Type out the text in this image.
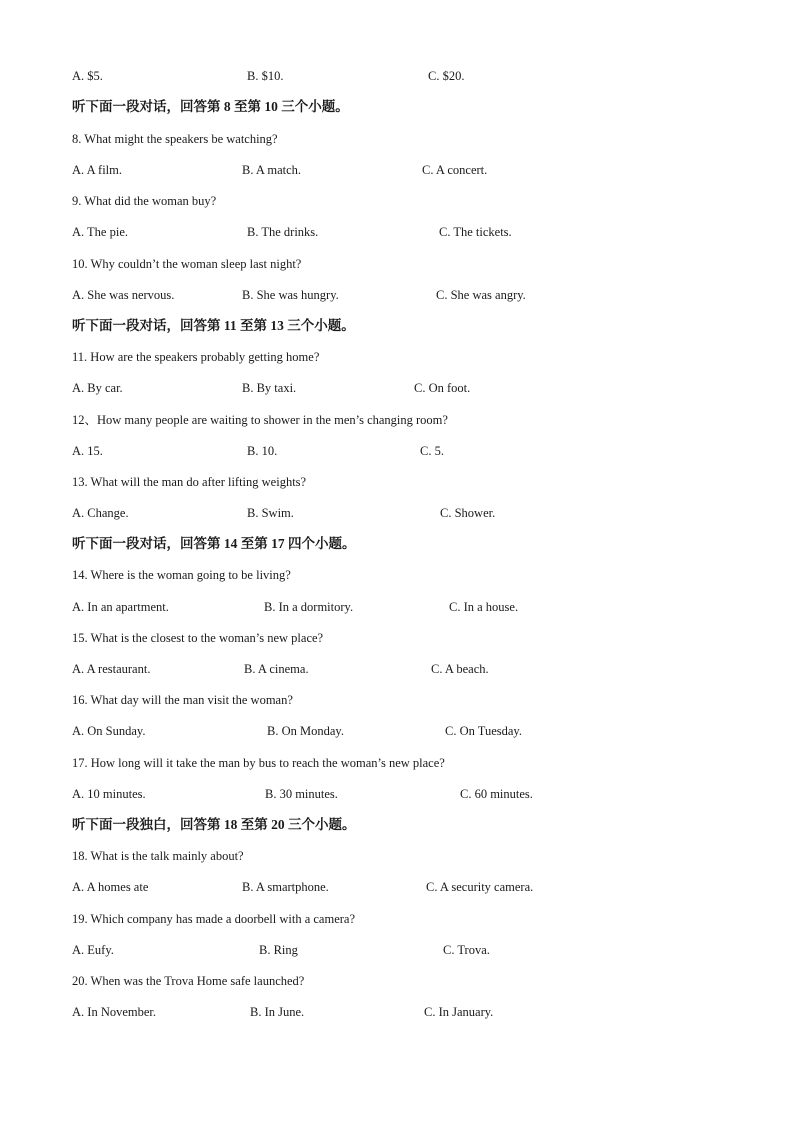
A. $5.	B. $10.	C. $20.
听下面一段对话，回答第 8 至第 10 三个小题。
8. What might the speakers be watching?
A. A film.	B. A match.	C. A concert.
9. What did the woman buy?
A. The pie.	B. The drinks.	C. The tickets.
10. Why couldn’t the woman sleep last night?
A. She was nervous.	B. She was hungry.	C. She was angry.
听下面一段对话，回答第 11 至第 13 三个小题。
11. How are the speakers probably getting home?
A. By car.	B. By taxi.	C. On foot.
12、How many people are waiting to shower in the men’s changing room?
A. 15.	B. 10.	C. 5.
13. What will the man do after lifting weights?
A. Change.	B. Swim.	C. Shower.
听下面一段对话，回答第 14 至第 17 四个小题。
14. Where is the woman going to be living?
A. In an apartment.	B. In a dormitory.	C. In a house.
15. What is the closest to the woman’s new place?
A. A restaurant.	B. A cinema.	C. A beach.
16. What day will the man visit the woman?
A. On Sunday.	B. On Monday.	C. On Tuesday.
17. How long will it take the man by bus to reach the woman’s new place?
A. 10 minutes.	B. 30 minutes.	C. 60 minutes.
听下面一段独白，回答第 18 至第 20 三个小题。
18. What is the talk mainly about?
A. A homes ate	B. A smartphone.	C. A security camera.
19. Which company has made a doorbell with a camera?
A. Eufy.	B. Ring	C. Trova.
20. When was the Trova Home safe launched?
A. In November.	B. In June.	C. In January.
